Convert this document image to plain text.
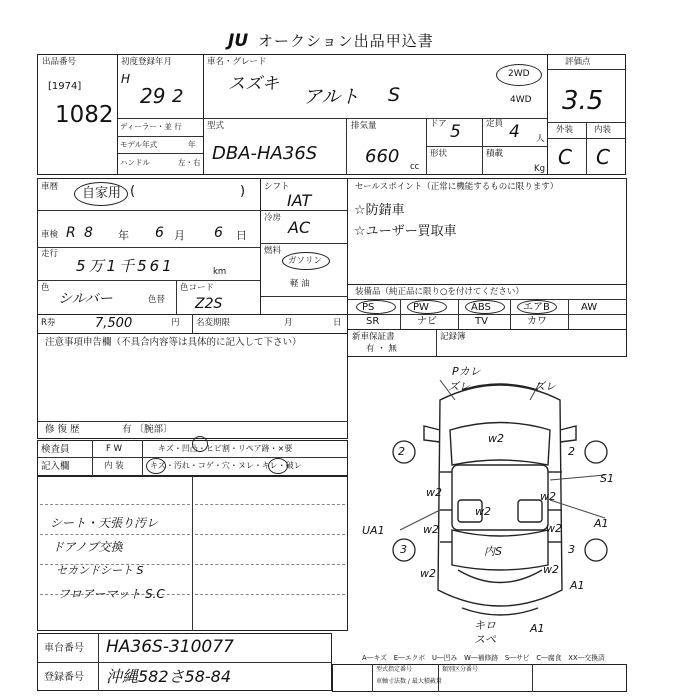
JU オークション出品甲込書
出品番号
[1974]
1082
初度登録年月
H
29 2
ディーラー・並 行
モデル年式	年
ハンドル	左・右
車名・グレード
スズキ
アルト S
2WD
4WD
型式
DBA-HA36S
排気量
660 cc
ドア 5	定員 4 人
形状	積載
Kg
評価点
3.5
外装 内装
C C
車暦 自家用 (	)
車検 R 8 年 6 月 6 日
走行
5万1千561	km
色
シルバー	色替
色コード
Z2S
シフト
IAT
冷房 AC
燃料
ガソリン
軽 油
セールスポイント（正常に機能するものに限ります）
☆防錆車
☆ユーザー買取車
装備品（純正品に限り○を付けてください）
PS	PW	ABS	エアB	AW
SR	ナビ	TV	カワ
R券	7,500	円 名変期限	月	日
新車保証書
有 ・ 無
記録簿
注意事項申告欄（不具合内容等は具体的に記入して下さい）
修 復 歴	有 〔腕部〕
検査員
記入欄
F W	キズ・凹凸・ヒビ割・リペア跡・×要
内 装	キズ・汚れ・コゲ・穴・ヌレ・キレ・破レ
シート・天張り汚レ
ドアノブ交換
セカンドシート S
フロアーマット S.C
車台番号 HA36S-310077
登録番号 沖縄582さ58-84
A―キズ　E―エクボ　U―凹み　W―補修跡　S―サビ　C―腐食　XX―交換済
型式指定番号	類別区分番号
車軸寸法数 / 最大積載量
Pカレ
ズレ	ズレ
w2
2	2
w2	w2
S1
w2
w2	A1
UA1	w2
3	3
内S
w2	w2
A1
A1
キロ
スペ
